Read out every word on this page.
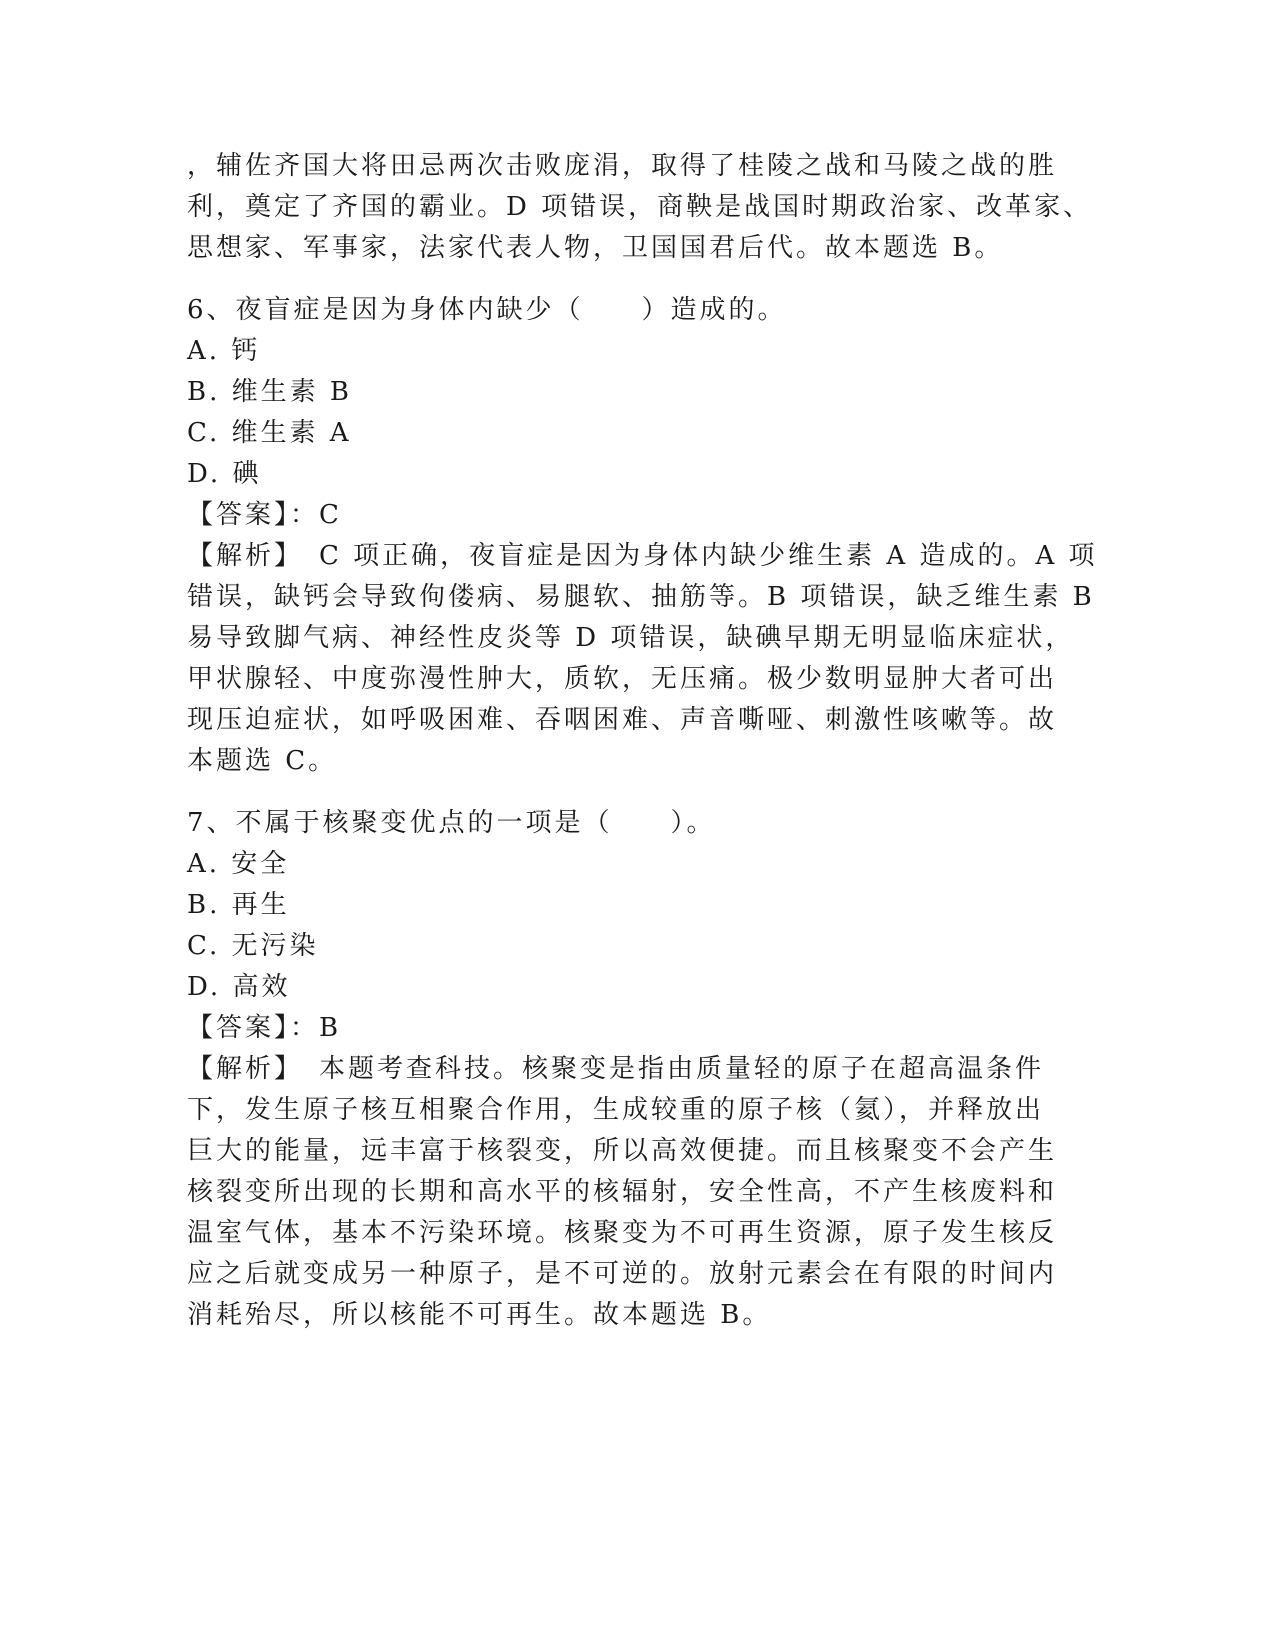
，辅佐齐国大将田忌两次击败庞涓，取得了桂陵之战和马陵之战的胜
利，奠定了齐国的霸业。D 项错误，商鞅是战国时期政治家、改革家、
思想家、军事家，法家代表人物，卫国国君后代。故本题选 B。
6、夜盲症是因为身体内缺少（　　）造成的。
A. 钙
B. 维生素 B
C. 维生素 A
D. 碘
【答案】：C
【解析】　C 项正确，夜盲症是因为身体内缺少维生素 A 造成的。A 项
错误，缺钙会导致佝偻病、易腿软、抽筋等。B 项错误，缺乏维生素 B
易导致脚气病、神经性皮炎等 D 项错误，缺碘早期无明显临床症状，
甲状腺轻、中度弥漫性肿大，质软，无压痛。极少数明显肿大者可出
现压迫症状，如呼吸困难、吞咽困难、声音嘶哑、刺激性咳嗽等。故
本题选 C。
7、不属于核聚变优点的一项是（　　）。
A. 安全
B. 再生
C. 无污染
D. 高效
【答案】：B
【解析】　本题考查科技。核聚变是指由质量轻的原子在超高温条件
下，发生原子核互相聚合作用，生成较重的原子核（氦），并释放出
巨大的能量，远丰富于核裂变，所以高效便捷。而且核聚变不会产生
核裂变所出现的长期和高水平的核辐射，安全性高，不产生核废料和
温室气体，基本不污染环境。核聚变为不可再生资源，原子发生核反
应之后就变成另一种原子，是不可逆的。放射元素会在有限的时间内
消耗殆尽，所以核能不可再生。故本题选 B。
